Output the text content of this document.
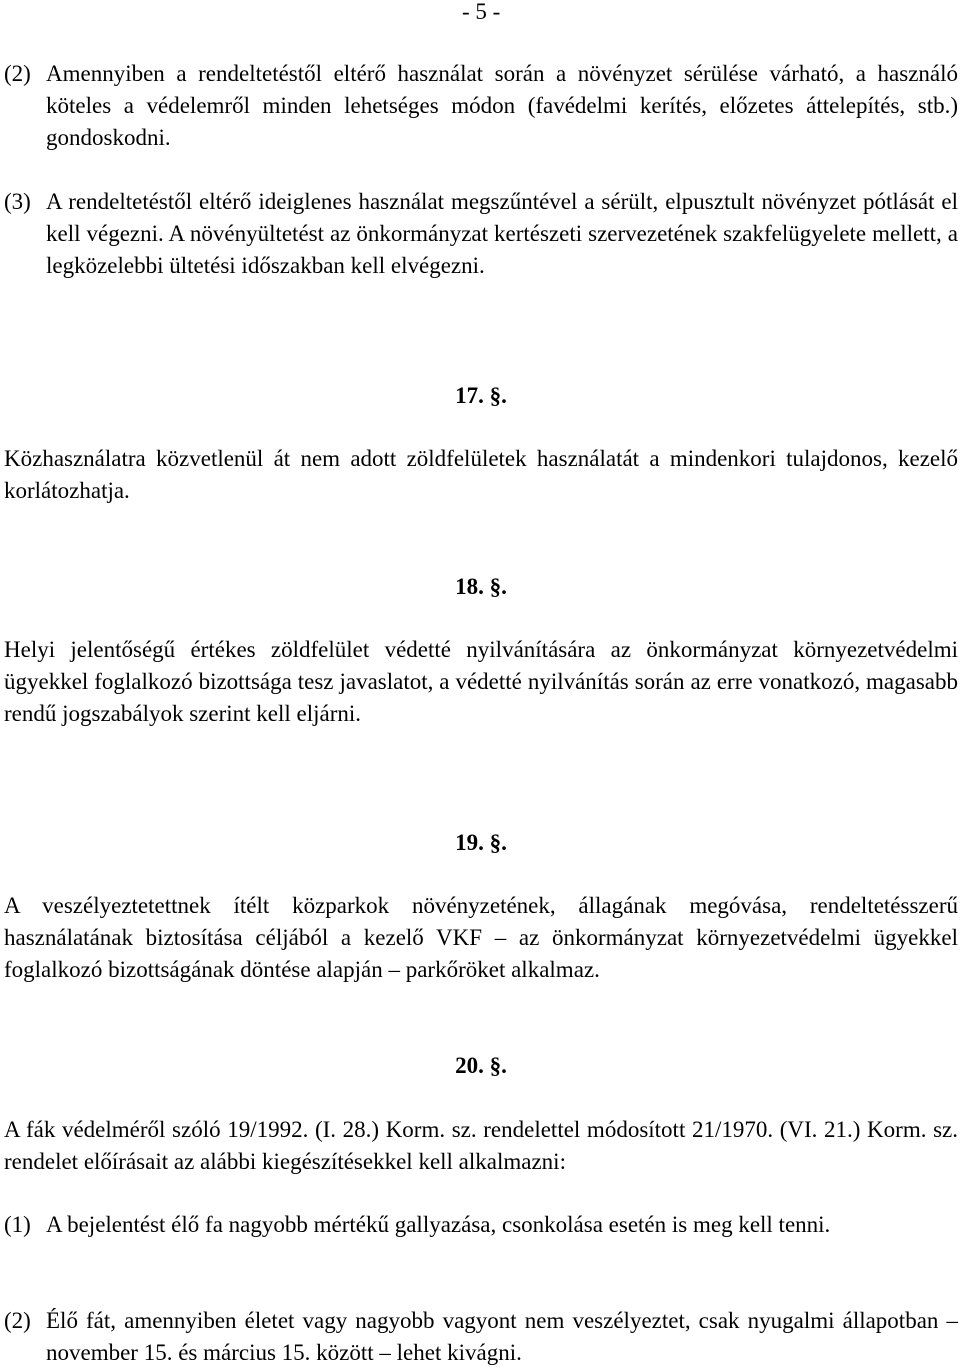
- 5 -
(2) Amennyiben a rendeltetéstől eltérő használat során a növényzet sérülése várható, a használó köteles a védelemről minden lehetséges módon (favédelmi kerítés, előzetes áttelepítés, stb.) gondoskodni.
(3) A rendeltetéstől eltérő ideiglenes használat megszűntével a sérült, elpusztult növényzet pótlását el kell végezni. A növényültetést az önkormányzat kertészeti szervezetének szakfelügyelete mellett, a legközelebbi ültetési időszakban kell elvégezni.
17. §.
Közhasználatra közvetlenül át nem adott zöldfelületek használatát a mindenkori tulajdonos, kezelő korlátozhatja.
18. §.
Helyi jelentőségű értékes zöldfelület védetté nyilvánítására az önkormányzat környezetvédelmi ügyekkel foglalkozó bizottsága tesz javaslatot, a védetté nyilvánítás során az erre vonatkozó, magasabb rendű jogszabályok szerint kell eljárni.
19. §.
A veszélyeztetettnek ítélt közparkok növényzetének, állagának megóvása, rendeltetésszerű használatának biztosítása céljából a kezelő VKF – az önkormányzat környezetvédelmi ügyekkel foglalkozó bizottságának döntése alapján – parkőröket alkalmaz.
20. §.
A fák védelméről szóló 19/1992. (I. 28.) Korm. sz. rendelettel módosított 21/1970. (VI. 21.) Korm. sz. rendelet előírásait az alábbi kiegészítésekkel kell alkalmazni:
(1) A bejelentést élő fa nagyobb mértékű gallyazása, csonkolása esetén is meg kell tenni.
(2) Élő fát, amennyiben életet vagy nagyobb vagyont nem veszélyeztet, csak nyugalmi állapotban – november 15. és március 15. között – lehet kivágni.
